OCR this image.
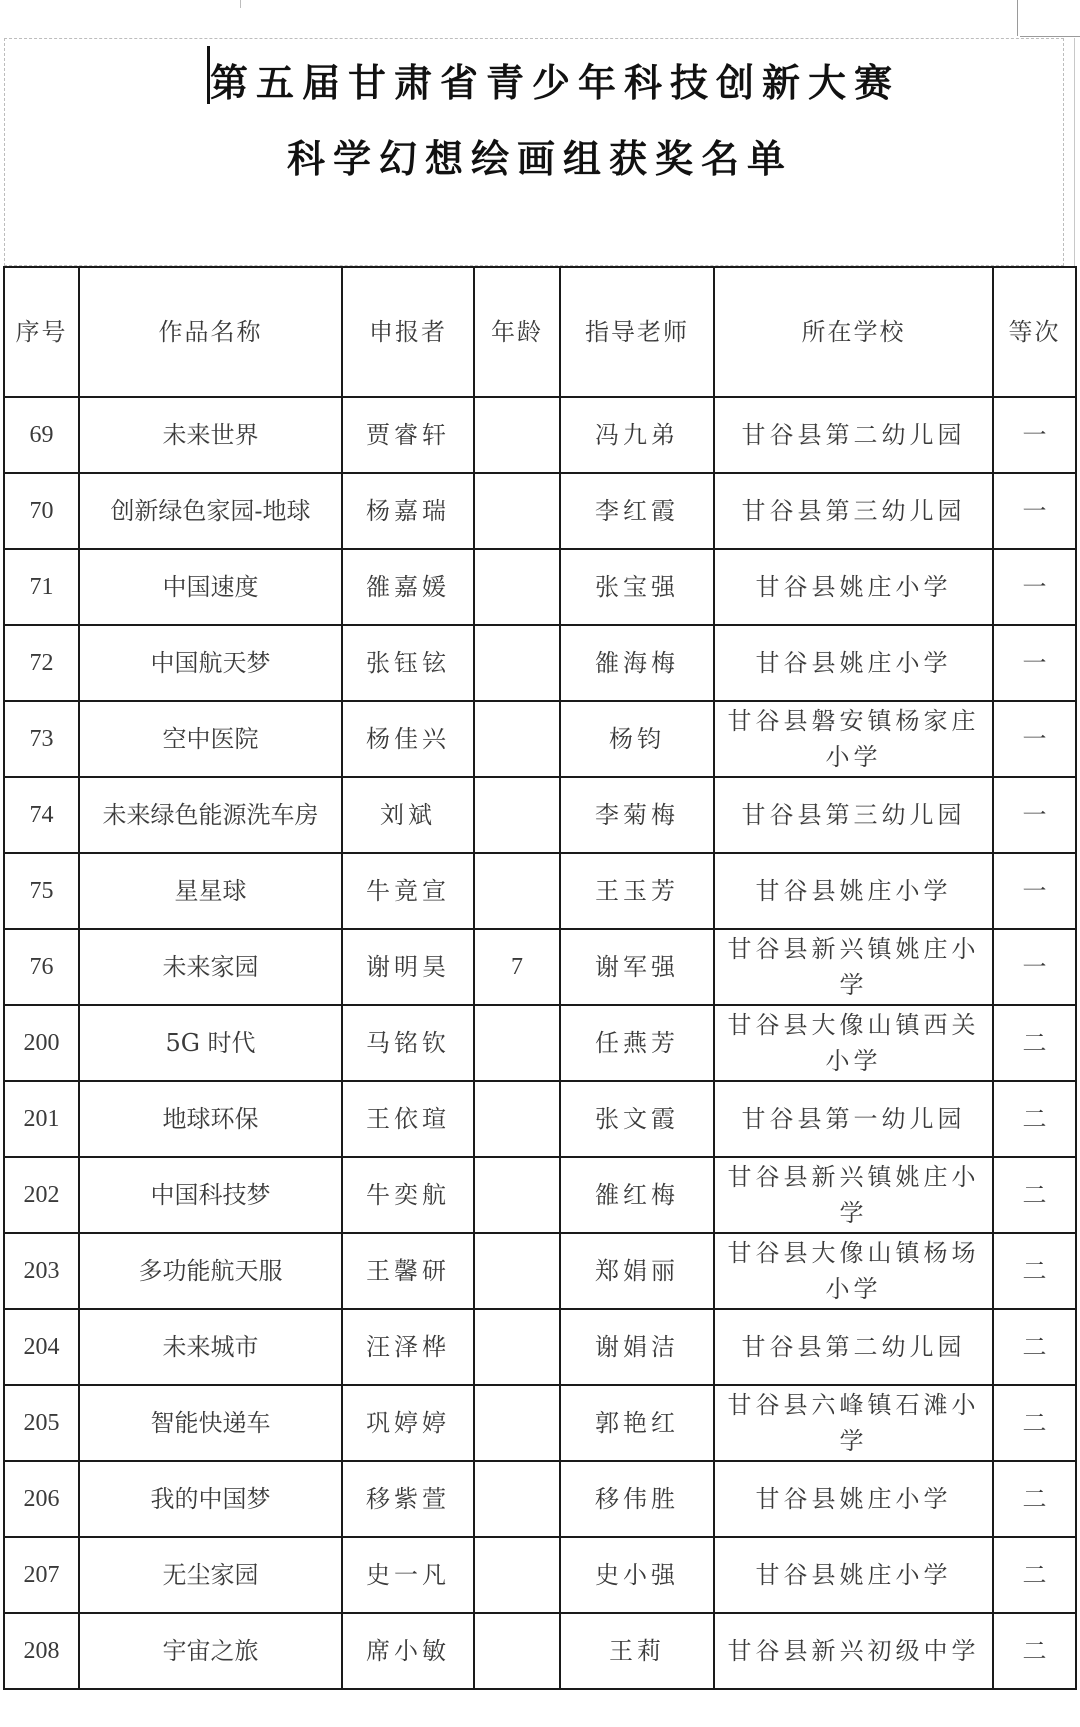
第五届甘肃省青少年科技创新大赛
科学幻想绘画组获奖名单
序号	作品名称	申报者	年龄	指导老师	所在学校	等次
69	未来世界	贾睿轩		冯九弟	甘谷县第二幼儿园	一
70	创新绿色家园-地球	杨嘉瑞		李红霞	甘谷县第三幼儿园	一
71	中国速度	雒嘉媛		张宝强	甘谷县姚庄小学	一
72	中国航天梦	张钰铉		雒海梅	甘谷县姚庄小学	一
73	空中医院	杨佳兴		杨钧	甘谷县磐安镇杨家庄小学	一
74	未来绿色能源洗车房	刘斌		李菊梅	甘谷县第三幼儿园	一
75	星星球	牛竟宣		王玉芳	甘谷县姚庄小学	一
76	未来家园	谢明昊	7	谢军强	甘谷县新兴镇姚庄小学	一
200	5G 时代	马铭钦		任燕芳	甘谷县大像山镇西关小学	二
201	地球环保	王依瑄		张文霞	甘谷县第一幼儿园	二
202	中国科技梦	牛奕航		雒红梅	甘谷县新兴镇姚庄小学	二
203	多功能航天服	王馨研		郑娟丽	甘谷县大像山镇杨场小学	二
204	未来城市	汪泽桦		谢娟洁	甘谷县第二幼儿园	二
205	智能快递车	巩婷婷		郭艳红	甘谷县六峰镇石滩小学	二
206	我的中国梦	移紫萱		移伟胜	甘谷县姚庄小学	二
207	无尘家园	史一凡		史小强	甘谷县姚庄小学	二
208	宇宙之旅	席小敏		王莉	甘谷县新兴初级中学	二
